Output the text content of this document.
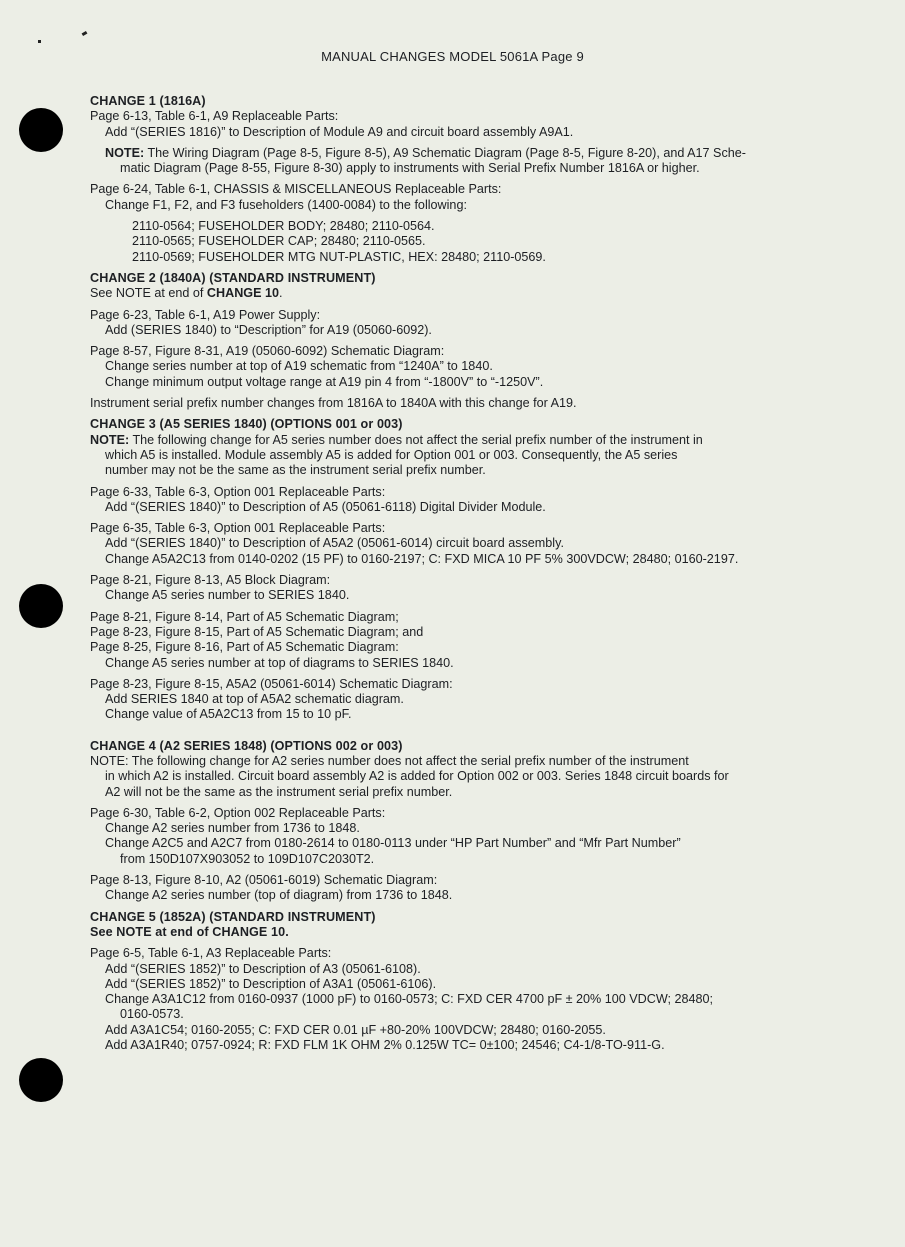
MANUAL CHANGES MODEL 5061A Page 9
CHANGE 1 (1816A)
Page 6-13, Table 6-1, A9 Replaceable Parts:
Add “(SERIES 1816)” to Description of Module A9 and circuit board assembly A9A1.
NOTE: The Wiring Diagram (Page 8-5, Figure 8-5), A9 Schematic Diagram (Page 8-5, Figure 8-20), and A17 Sche-
matic Diagram (Page 8-55, Figure 8-30) apply to instruments with Serial Prefix Number 1816A or higher.
Page 6-24, Table 6-1, CHASSIS & MISCELLANEOUS Replaceable Parts:
Change F1, F2, and F3 fuseholders (1400-0084) to the following:
2110-0564; FUSEHOLDER BODY; 28480; 2110-0564.
2110-0565; FUSEHOLDER CAP; 28480; 2110-0565.
2110-0569; FUSEHOLDER MTG NUT-PLASTIC, HEX: 28480; 2110-0569.
CHANGE 2 (1840A) (STANDARD INSTRUMENT)
See NOTE at end of CHANGE 10.
Page 6-23, Table 6-1, A19 Power Supply:
Add (SERIES 1840) to “Description” for A19 (05060-6092).
Page 8-57, Figure 8-31, A19 (05060-6092) Schematic Diagram:
Change series number at top of A19 schematic from “1240A” to 1840.
Change minimum output voltage range at A19 pin 4 from “-1800V” to “-1250V”.
Instrument serial prefix number changes from 1816A to 1840A with this change for A19.
CHANGE 3 (A5 SERIES 1840) (OPTIONS 001 or 003)
NOTE: The following change for A5 series number does not affect the serial prefix number of the instrument in
which A5 is installed. Module assembly A5 is added for Option 001 or 003. Consequently, the A5 series
number may not be the same as the instrument serial prefix number.
Page 6-33, Table 6-3, Option 001 Replaceable Parts:
Add “(SERIES 1840)” to Description of A5 (05061-6118) Digital Divider Module.
Page 6-35, Table 6-3, Option 001 Replaceable Parts:
Add “(SERIES 1840)” to Description of A5A2 (05061-6014) circuit board assembly.
Change A5A2C13 from 0140-0202 (15 PF) to 0160-2197; C: FXD MICA 10 PF 5% 300VDCW; 28480; 0160-2197.
Page 8-21, Figure 8-13, A5 Block Diagram:
Change A5 series number to SERIES 1840.
Page 8-21, Figure 8-14, Part of A5 Schematic Diagram;
Page 8-23, Figure 8-15, Part of A5 Schematic Diagram; and
Page 8-25, Figure 8-16, Part of A5 Schematic Diagram:
Change A5 series number at top of diagrams to SERIES 1840.
Page 8-23, Figure 8-15, A5A2 (05061-6014) Schematic Diagram:
Add SERIES 1840 at top of A5A2 schematic diagram.
Change value of A5A2C13 from 15 to 10 pF.
CHANGE 4 (A2 SERIES 1848) (OPTIONS 002 or 003)
NOTE: The following change for A2 series number does not affect the serial prefix number of the instrument
in which A2 is installed. Circuit board assembly A2 is added for Option 002 or 003. Series 1848 circuit boards for
A2 will not be the same as the instrument serial prefix number.
Page 6-30, Table 6-2, Option 002 Replaceable Parts:
Change A2 series number from 1736 to 1848.
Change A2C5 and A2C7 from 0180-2614 to 0180-0113 under “HP Part Number” and “Mfr Part Number”
from 150D107X903052 to 109D107C2030T2.
Page 8-13, Figure 8-10, A2 (05061-6019) Schematic Diagram:
Change A2 series number (top of diagram) from 1736 to 1848.
CHANGE 5 (1852A) (STANDARD INSTRUMENT)
See NOTE at end of CHANGE 10.
Page 6-5, Table 6-1, A3 Replaceable Parts:
Add “(SERIES 1852)” to Description of A3 (05061-6108).
Add “(SERIES 1852)” to Description of A3A1 (05061-6106).
Change A3A1C12 from 0160-0937 (1000 pF) to 0160-0573; C: FXD CER 4700 pF ± 20% 100 VDCW; 28480;
0160-0573.
Add A3A1C54; 0160-2055; C: FXD CER 0.01 µF +80-20% 100VDCW; 28480; 0160-2055.
Add A3A1R40; 0757-0924; R: FXD FLM 1K OHM 2% 0.125W TC= 0±100; 24546; C4-1/8-TO-911-G.
